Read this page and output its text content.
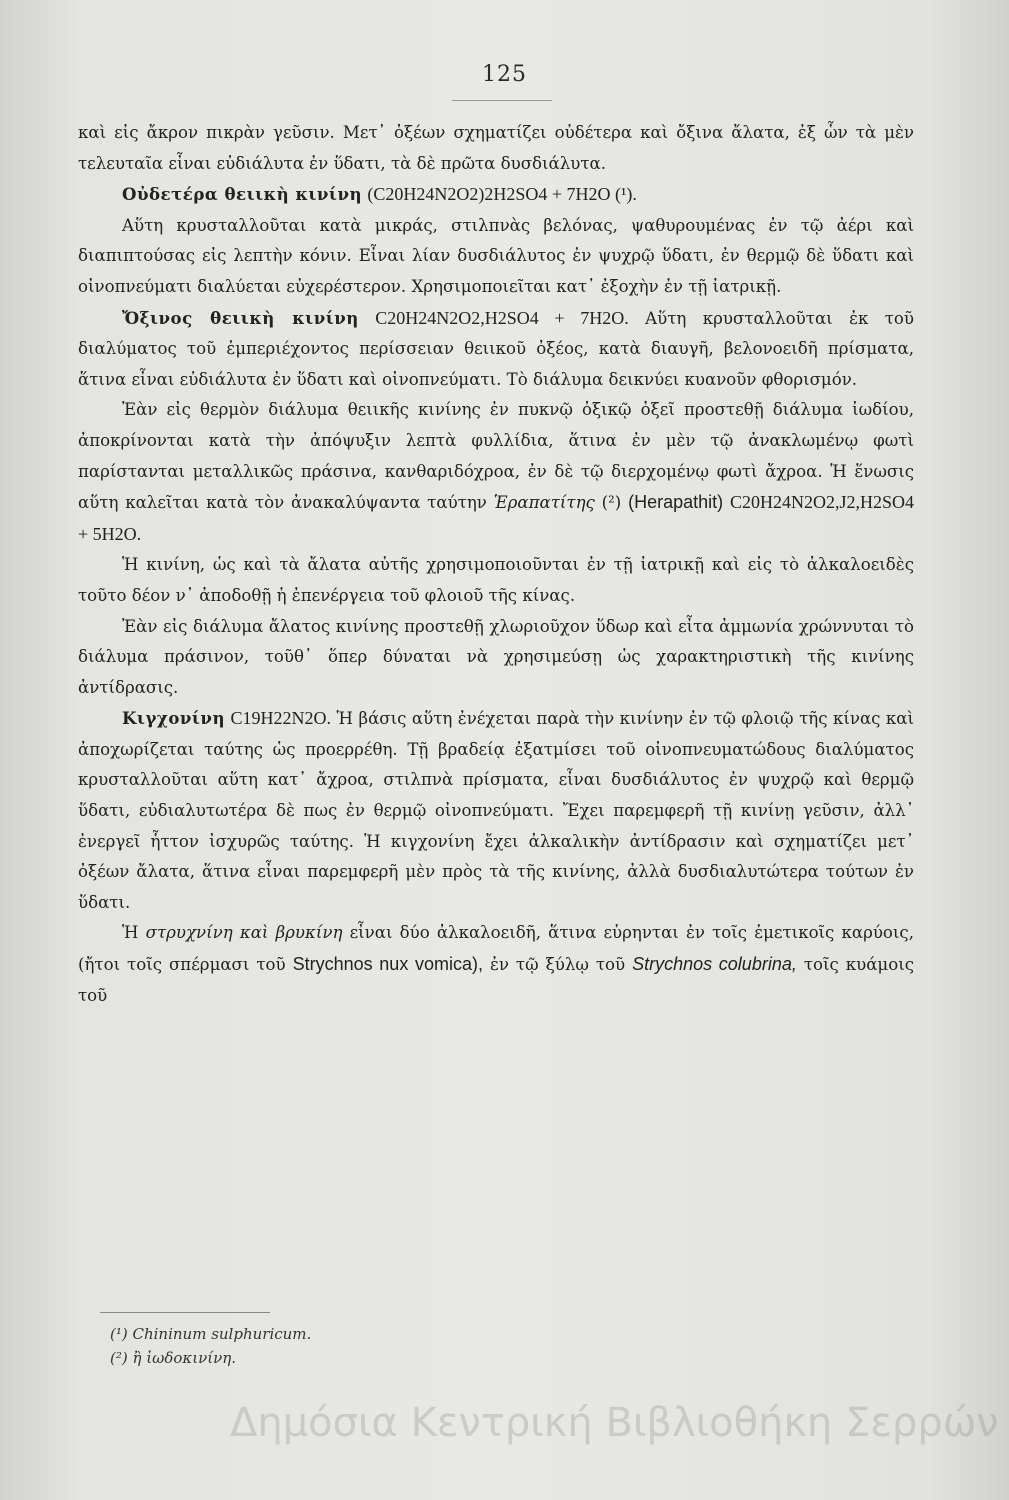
125

καὶ εἰς ἄκρον πικρὰν γεῦσιν. Μετ᾽ ὀξέων σχηματίζει οὐδέτερα καὶ ὄξινα ἄλατα, ἐξ ὧν τὰ μὲν τελευταῖα εἶναι εὐδιάλυτα ἐν ὕδατι, τὰ δὲ πρῶτα δυσδιάλυτα.

Οὐδετέρα θειικὴ κινίνη (C20H24N2O2)2H2SO4 + 7H2O (¹).

Αὕτη κρυσταλλοῦται κατὰ μικράς, στιλπνὰς βελόνας, ψαθυρουμένας ἐν τῷ ἀέρι καὶ διαπιπτούσας εἰς λεπτὴν κόνιν. Εἶναι λίαν δυσδιάλυτος ἐν ψυχρῷ ὕδατι, ἐν θερμῷ δὲ ὕδατι καὶ οἰνοπνεύματι διαλύεται εὐχερέστερον. Χρησιμοποιεῖται κατ᾽ ἐξοχὴν ἐν τῇ ἰατρικῇ.

Ὄξινος θειικὴ κινίνη C20H24N2O2,H2SO4 + 7H2O. Αὕτη κρυσταλλοῦται ἐκ τοῦ διαλύματος τοῦ ἐμπεριέχοντος περίσσειαν θειικοῦ ὀξέος, κατὰ διαυγῆ, βελονοειδῆ πρίσματα, ἅτινα εἶναι εὐδιάλυτα ἐν ὕδατι καὶ οἰνοπνεύματι. Τὸ διάλυμα δεικνύει κυανοῦν φθορισμόν.

Ἐὰν εἰς θερμὸν διάλυμα θειικῆς κινίνης ἐν πυκνῷ ὀξικῷ ὀξεῖ προστεθῇ διάλυμα ἰωδίου, ἀποκρίνονται κατὰ τὴν ἀπόψυξιν λεπτὰ φυλλίδια, ἅτινα ἐν μὲν τῷ ἀνακλωμένῳ φωτὶ παρίστανται μεταλλικῶς πράσινα, κανθαριδόχροα, ἐν δὲ τῷ διερχομένῳ φωτὶ ἄχροα. Ἡ ἕνωσις αὕτη καλεῖται κατὰ τὸν ἀνακαλύψαντα ταύτην Ἑραπατίτης (²) (Herapathit) C20H24N2O2,J2,H2SO4 + 5H2O.

Ἡ κινίνη, ὡς καὶ τὰ ἄλατα αὐτῆς χρησιμοποιοῦνται ἐν τῇ ἰατρικῇ καὶ εἰς τὸ ἀλκαλοειδὲς τοῦτο δέον ν᾽ ἀποδοθῇ ἡ ἐπενέργεια τοῦ φλοιοῦ τῆς κίνας.

Ἐὰν εἰς διάλυμα ἄλατος κινίνης προστεθῇ χλωριοῦχον ὕδωρ καὶ εἶτα ἀμμωνία χρώννυται τὸ διάλυμα πράσινον, τοῦθ᾽ ὅπερ δύναται νὰ χρησιμεύσῃ ὡς χαρακτηριστικὴ τῆς κινίνης ἀντίδρασις.

Κιγχονίνη C19H22N2O. Ἡ βάσις αὕτη ἐνέχεται παρὰ τὴν κινίνην ἐν τῷ φλοιῷ τῆς κίνας καὶ ἀποχωρίζεται ταύτης ὡς προερρέθη. Τῇ βραδείᾳ ἐξατμίσει τοῦ οἰνοπνευματώδους διαλύματος κρυσταλλοῦται αὕτη κατ᾽ ἄχροα, στιλπνὰ πρίσματα, εἶναι δυσδιάλυτος ἐν ψυχρῷ καὶ θερμῷ ὕδατι, εὐδιαλυτωτέρα δὲ πως ἐν θερμῷ οἰνοπνεύματι. Ἔχει παρεμφερῆ τῇ κινίνῃ γεῦσιν, ἀλλ᾽ ἐνεργεῖ ἧττον ἰσχυρῶς ταύτης. Ἡ κιγχονίνη ἔχει ἀλκαλικὴν ἀντίδρασιν καὶ σχηματίζει μετ᾽ ὀξέων ἄλατα, ἅτινα εἶναι παρεμφερῆ μὲν πρὸς τὰ τῆς κινίνης, ἀλλὰ δυσδιαλυτώτερα τούτων ἐν ὕδατι.

Ἡ στρυχνίνη καὶ βρυκίνη εἶναι δύο ἀλκαλοειδῆ, ἅτινα εὑρηνται ἐν τοῖς ἐμετικοῖς καρύοις, (ἤτοι τοῖς σπέρμασι τοῦ Strychnos nux vomica), ἐν τῷ ξύλῳ τοῦ Strychnos colubrina, τοῖς κυάμοις τοῦ

(¹) Chininum sulphuricum.

(²) ἢ ἰωδοκινίνη.

Δημόσια Κεντρική Βιβλιοθήκη Σερρών
